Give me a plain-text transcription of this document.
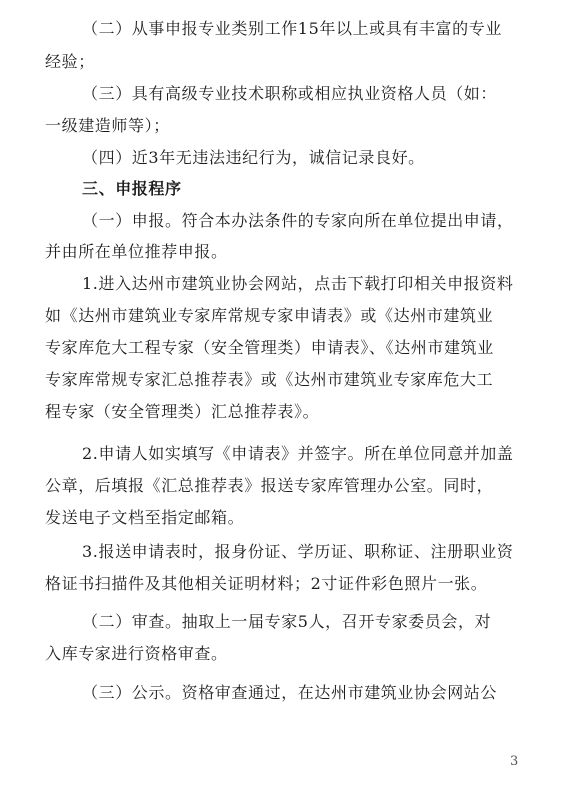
（二）从事申报专业类别工作15年以上或具有丰富的专业
经验；
（三）具有高级专业技术职称或相应执业资格人员（如：
一级建造师等）；
（四）近3年无违法违纪行为，诚信记录良好。
三、申报程序
（一）申报。符合本办法条件的专家向所在单位提出申请，
并由所在单位推荐申报。
1.进入达州市建筑业协会网站，点击下载打印相关申报资料
如《达州市建筑业专家库常规专家申请表》或《达州市建筑业
专家库危大工程专家（安全管理类）申请表》、《达州市建筑业
专家库常规专家汇总推荐表》或《达州市建筑业专家库危大工
程专家（安全管理类）汇总推荐表》。
2.申请人如实填写《申请表》并签字。所在单位同意并加盖
公章，后填报《汇总推荐表》报送专家库管理办公室。同时，
发送电子文档至指定邮箱。
3.报送申请表时，报身份证、学历证、职称证、注册职业资
格证书扫描件及其他相关证明材料；2寸证件彩色照片一张。
（二）审查。抽取上一届专家5人，召开专家委员会，对
入库专家进行资格审查。
（三）公示。资格审查通过，在达州市建筑业协会网站公
3
